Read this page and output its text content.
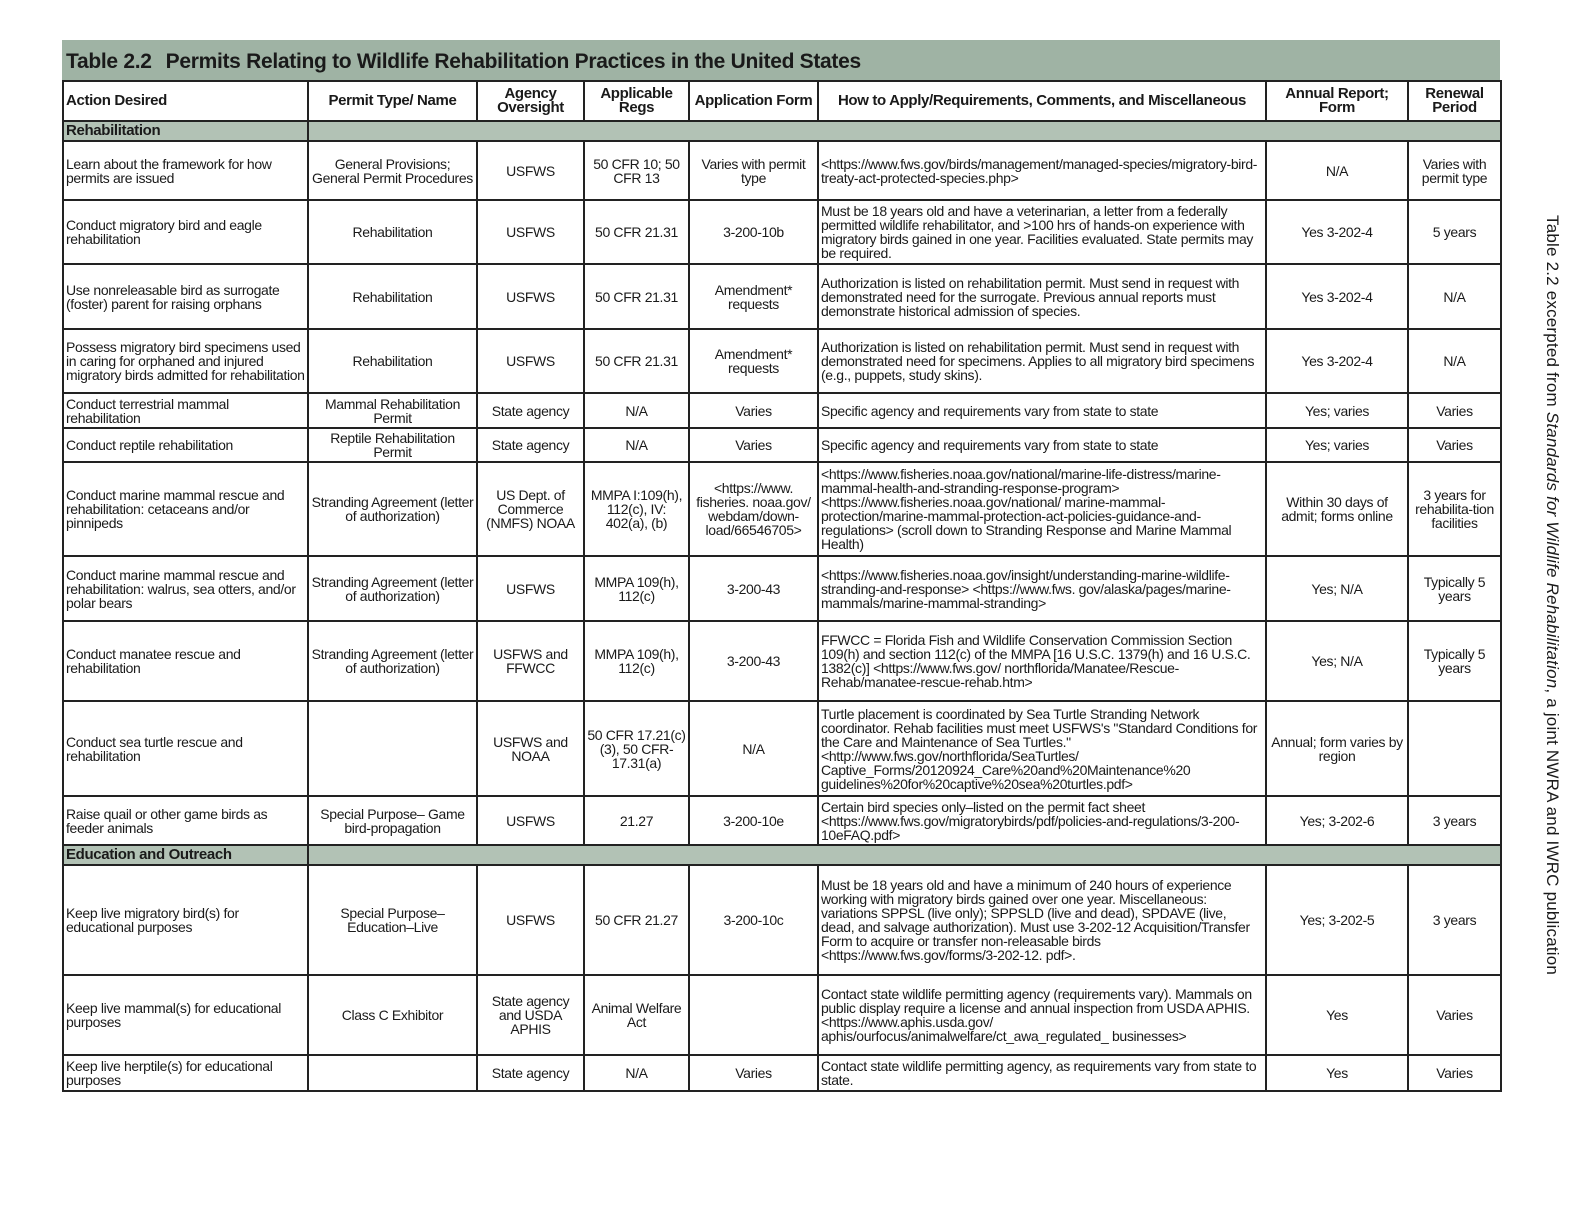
Table 2.2 Permits Relating to Wildlife Rehabilitation Practices in the United States
Action Desired	Permit Type/ Name	Agency Oversight	Applicable Regs	Application Form	How to Apply/Requirements, Comments, and Miscellaneous	Annual Report; Form	Renewal Period
Rehabilitation							
Learn about the framework for how permits are issued	General Provisions; General Permit Procedures	USFWS	50 CFR 10; 50 CFR 13	Varies with permit type	<https://www.fws.gov/birds/management/managed-species/migratory-bird-treaty-act-protected-species.php>	N/A	Varies with permit type
Conduct migratory bird and eagle rehabilitation	Rehabilitation	USFWS	50 CFR 21.31	3-200-10b	Must be 18 years old and have a veterinarian, a letter from a federally permitted wildlife rehabilitator, and >100 hrs of hands-on experience with migratory birds gained in one year. Facilities evaluated. State permits may be required.	Yes 3-202-4	5 years
Use nonreleasable bird as surrogate (foster) parent for raising orphans	Rehabilitation	USFWS	50 CFR 21.31	Amendment* requests	Authorization is listed on rehabilitation permit. Must send in request with demonstrated need for the surrogate. Previous annual reports must demonstrate historical admission of species.	Yes 3-202-4	N/A
Possess migratory bird specimens used in caring for orphaned and injured migratory birds admitted for rehabilitation	Rehabilitation	USFWS	50 CFR 21.31	Amendment* requests	Authorization is listed on rehabilitation permit. Must send in request with demonstrated need for specimens. Applies to all migratory bird specimens (e.g., puppets, study skins).	Yes 3-202-4	N/A
Conduct terrestrial mammal rehabilitation	Mammal Rehabilitation Permit	State agency	N/A	Varies	Specific agency and requirements vary from state to state	Yes; varies	Varies
Conduct reptile rehabilitation	Reptile Rehabilitation Permit	State agency	N/A	Varies	Specific agency and requirements vary from state to state	Yes; varies	Varies
Conduct marine mammal rescue and rehabilitation: cetaceans and/or pinnipeds	Stranding Agreement (letter of authorization)	US Dept. of Commerce (NMFS) NOAA	MMPA I:109(h), 112(c), IV: 402(a), (b)	<https://www. fisheries. noaa.gov/ webdam/down-load/66546705>	<https://www.fisheries.noaa.gov/national/marine-life-distress/marine-mammal-health-and-stranding-response-program> <https://www.fisheries.noaa.gov/national/ marine-mammal-protection/marine-mammal-protection-act-policies-guidance-and-regulations> (scroll down to Stranding Response and Marine Mammal Health)	Within 30 days of admit; forms online	3 years for rehabilita-tion facilities
Conduct marine mammal rescue and rehabilitation: walrus, sea otters, and/or polar bears	Stranding Agreement (letter of authorization)	USFWS	MMPA 109(h), 112(c)	3-200-43	<https://www.fisheries.noaa.gov/insight/understanding-marine-wildlife-stranding-and-response> <https://www.fws. gov/alaska/pages/marine-mammals/marine-mammal-stranding>	Yes; N/A	Typically 5 years
Conduct manatee rescue and rehabilitation	Stranding Agreement (letter of authorization)	USFWS and FFWCC	MMPA 109(h), 112(c)	3-200-43	FFWCC = Florida Fish and Wildlife Conservation Commission Section 109(h) and section 112(c) of the MMPA [16 U.S.C. 1379(h) and 16 U.S.C. 1382(c)] <https://www.fws.gov/ northflorida/Manatee/Rescue-Rehab/manatee-rescue-rehab.htm>	Yes; N/A	Typically 5 years
Conduct sea turtle rescue and rehabilitation		USFWS and NOAA	50 CFR 17.21(c)(3), 50 CFR-17.31(a)	N/A	Turtle placement is coordinated by Sea Turtle Stranding Network coordinator. Rehab facilities must meet USFWS's "Standard Conditions for the Care and Maintenance of Sea Turtles." <http://www.fws.gov/northflorida/SeaTurtles/ Captive_Forms/20120924_Care%20and%20Maintenance%20 guidelines%20for%20captive%20sea%20turtles.pdf>	Annual; form varies by region	
Raise quail or other game birds as feeder animals	Special Purpose– Game bird-propagation	USFWS	21.27	3-200-10e	Certain bird species only–listed on the permit fact sheet <https://www.fws.gov/migratorybirds/pdf/policies-and-regulations/3-200-10eFAQ.pdf>	Yes; 3-202-6	3 years
Education and Outreach							
Keep live migratory bird(s) for educational purposes	Special Purpose– Education–Live	USFWS	50 CFR 21.27	3-200-10c	Must be 18 years old and have a minimum of 240 hours of experience working with migratory birds gained over one year. Miscellaneous: variations SPPSL (live only); SPPSLD (live and dead), SPDAVE (live, dead, and salvage authorization). Must use 3-202-12 Acquisition/Transfer Form to acquire or transfer non-releasable birds <https://www.fws.gov/forms/3-202-12. pdf>.	Yes; 3-202-5	3 years
Keep live mammal(s) for educational purposes	Class C Exhibitor	State agency and USDA APHIS	Animal Welfare Act		Contact state wildlife permitting agency (requirements vary). Mammals on public display require a license and annual inspection from USDA APHIS. <https://www.aphis.usda.gov/ aphis/ourfocus/animalwelfare/ct_awa_regulated_ businesses>	Yes	Varies
Keep live herptile(s) for educational purposes		State agency	N/A	Varies	Contact state wildlife permitting agency, as requirements vary from state to state.	Yes	Varies
Table 2.2 excerpted from Standards for Wildlife Rehabilitation, a joint NWRA and IWRC publication
